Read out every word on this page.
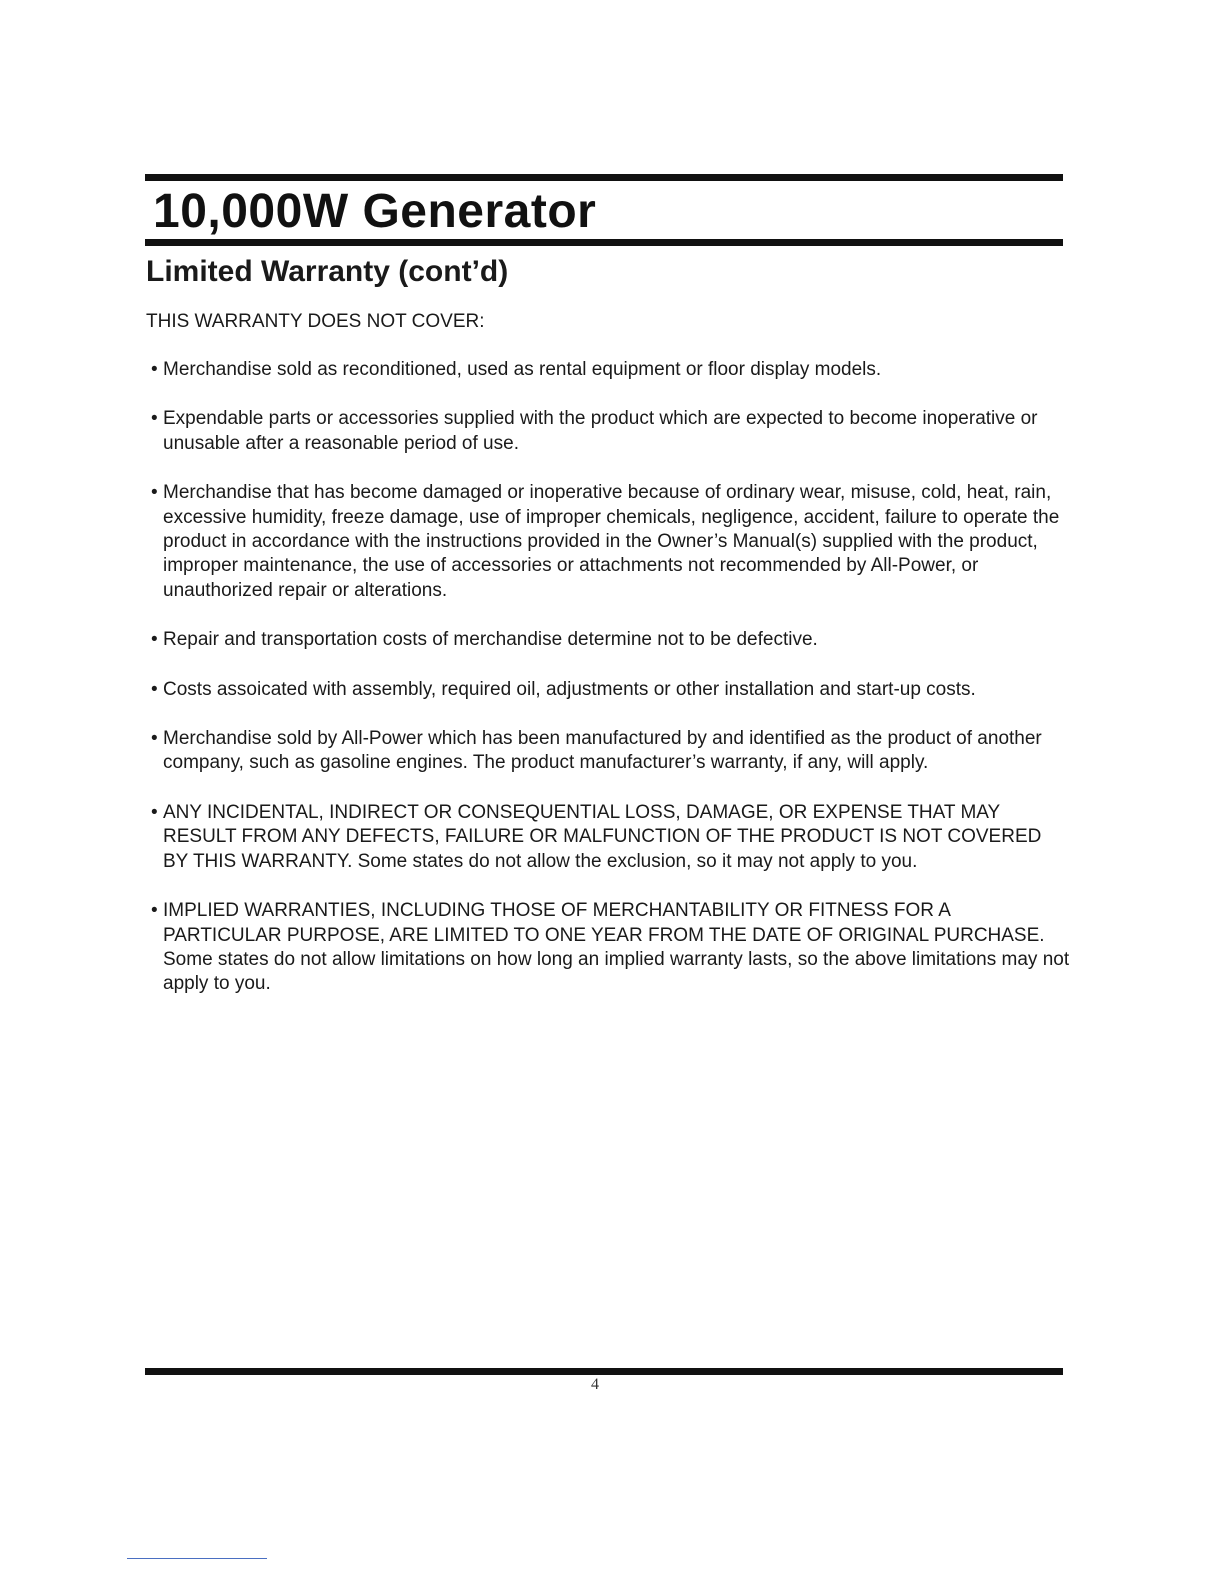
10,000W Generator
Limited Warranty (cont’d)
THIS WARRANTY DOES NOT COVER:
• Merchandise sold as reconditioned, used as rental equipment or floor display models.
• Expendable parts or accessories supplied with the product which are expected to become inoperative or unusable after a reasonable period of use.
• Merchandise that has become damaged or inoperative because of ordinary wear, misuse, cold, heat, rain, excessive humidity, freeze damage, use of improper chemicals, negligence, accident, failure to operate the product in accordance with the instructions provided in the Owner’s Manual(s) supplied with the product, improper maintenance, the use of accessories or attachments not recommended by All-Power, or unauthorized repair or alterations.
• Repair and transportation costs of merchandise determine not to be defective.
• Costs assoicated with assembly, required oil, adjustments or other installation and start-up costs.
• Merchandise sold by All-Power which has been manufactured by and identified as the product of another company, such as gasoline engines. The product manufacturer’s warranty, if any, will apply.
• ANY INCIDENTAL, INDIRECT OR CONSEQUENTIAL LOSS, DAMAGE, OR EXPENSE THAT MAY RESULT FROM ANY DEFECTS, FAILURE OR MALFUNCTION OF THE PRODUCT IS NOT COVERED BY THIS WARRANTY. Some states do not allow the exclusion, so it may not apply to you.
• IMPLIED WARRANTIES, INCLUDING THOSE OF MERCHANTABILITY OR FITNESS FOR A PARTICULAR PURPOSE, ARE LIMITED TO ONE YEAR FROM THE DATE OF ORIGINAL PURCHASE. Some states do not allow limitations on how long an implied warranty lasts, so the above limitations may not apply to you.
4
